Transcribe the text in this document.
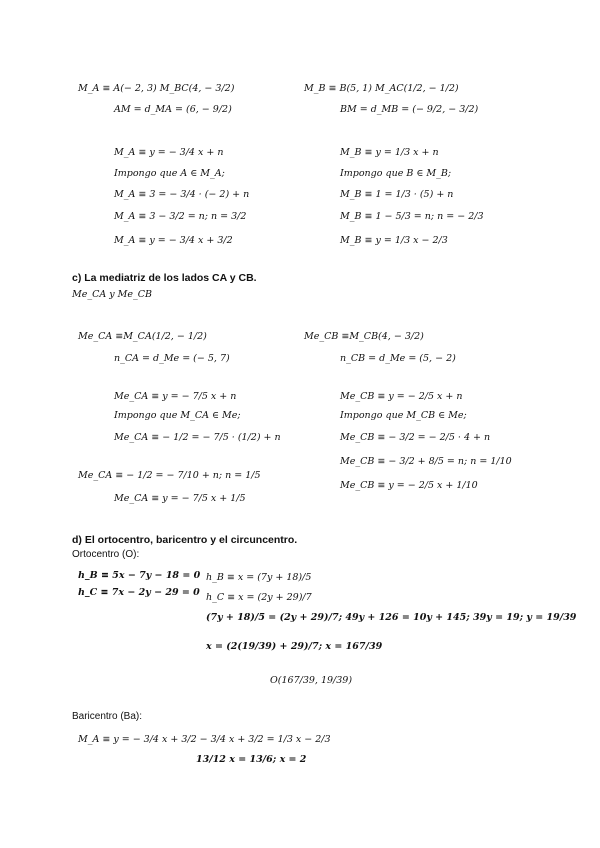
M_A ≡ A(− 2, 3) M_BC(4, − 3/2)
AM = d_MA = (6, − 9/2)
M_A ≡ y = − 3/4 x + n
Impongo que A ∈ M_A;
M_A ≡ 3 = − 3/4 · (− 2) + n
M_A ≡ 3 − 3/2 = n; n = 3/2
M_A ≡ y = − 3/4 x + 3/2
M_B ≡ B(5, 1) M_AC(1/2, − 1/2)
BM = d_MB = (− 9/2, − 3/2)
M_B ≡ y = 1/3 x + n
Impongo que B ∈ M_B;
M_B ≡ 1 = 1/3 · (5) + n
M_B ≡ 1 − 5/3 = n; n = − 2/3
M_B ≡ y = 1/3 x − 2/3
c) La mediatriz de los lados CA y CB.
Me_CA y Me_CB
Me_CA ≡M_CA(1/2, − 1/2)
n_CA = d_Me = (− 5, 7)
Me_CA ≡ y = − 7/5 x + n
Impongo que M_CA ∈ Me;
Me_CA ≡ − 1/2 = − 7/5 · (1/2) + n
Me_CA ≡ − 1/2 = − 7/10 + n; n = 1/5
Me_CA ≡ y = − 7/5 x + 1/5
Me_CB ≡M_CB(4, − 3/2)
n_CB = d_Me = (5, − 2)
Me_CB ≡ y = − 2/5 x + n
Impongo que M_CB ∈ Me;
Me_CB ≡ − 3/2 = − 2/5 · 4 + n
Me_CB ≡ − 3/2 + 8/5 = n; n = 1/10
Me_CB ≡ y = − 2/5 x + 1/10
d) El ortocentro, baricentro y el circuncentro.
Ortocentro (O):
h_B ≡ 5x − 7y − 18 = 0
h_C ≡ 7x − 2y − 29 = 0
h_B ≡ x = (7y + 18)/5
h_C ≡ x = (2y + 29)/7
(7y + 18)/5 = (2y + 29)/7; 49y + 126 = 10y + 145; 39y = 19; y = 19/39
x = (2(19/39) + 29)/7; x = 167/39
O(167/39, 19/39)
Baricentro (Ba):
M_A ≡ y = − 3/4 x + 3/2 − 3/4 x + 3/2 = 1/3 x − 2/3
13/12 x = 13/6; x = 2
